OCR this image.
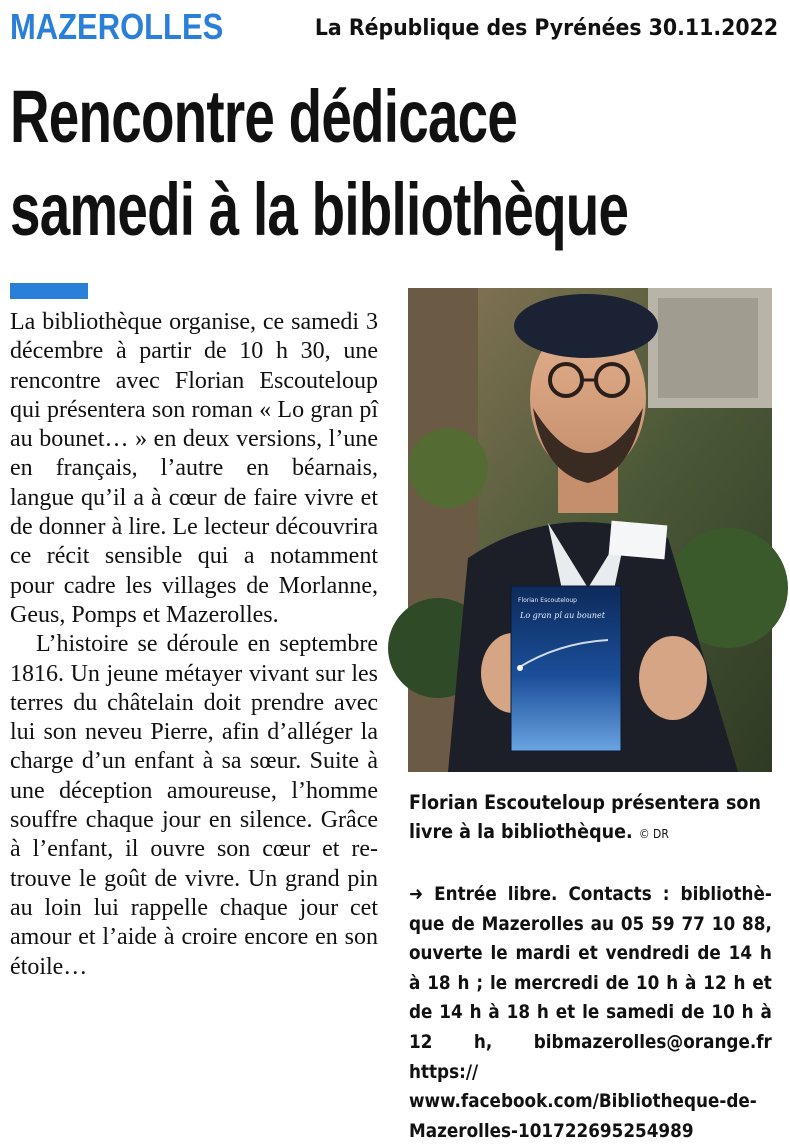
MAZEROLLES	La République des Pyrénées 30.11.2022
Rencontre dédicace
samedi à la bibliothèque

La bibliothèque organise, ce samedi 3 décembre à partir de 10 h 30, une rencontre avec Florian Escouteloup qui présentera son roman « Lo gran pî au bounet… » en deux versions, l’une en français, l’autre en béarnais, langue qu’il a à cœur de faire vivre et de donner à lire. Le lecteur découvrira ce récit sensible qui a notamment pour cadre les villages de Morlanne, Geus, Pomps et Mazerolles.

L’histoire se déroule en septembre 1816. Un jeune métayer vivant sur les terres du châtelain doit prendre avec lui son neveu Pierre, afin d’alléger la charge d’un enfant à sa sœur. Suite à une déception amoureuse, l’homme souffre chaque jour en silence. Grâce à l’enfant, il ouvre son cœur et retrouve le goût de vivre. Un grand pin au loin lui rappelle chaque jour cet amour et l’aide à croire encore en son étoile…

Florian Escouteloup
Lo gran pî au bounet
Florian Escouteloup présentera son livre à la bibliothèque. © DR
➜ Entrée libre. Contacts : bibliothèque de Mazerolles au 05 59 77 10 88, ouverte le mardi et vendredi de 14 h à 18 h ; le mercredi de 10 h à 12 h et de 14 h à 18 h et le samedi de 10 h à 12 h, bibmazerolles@orange.fr https:// www.facebook.com/Bibliotheque-de-Mazerolles-101722695254989
